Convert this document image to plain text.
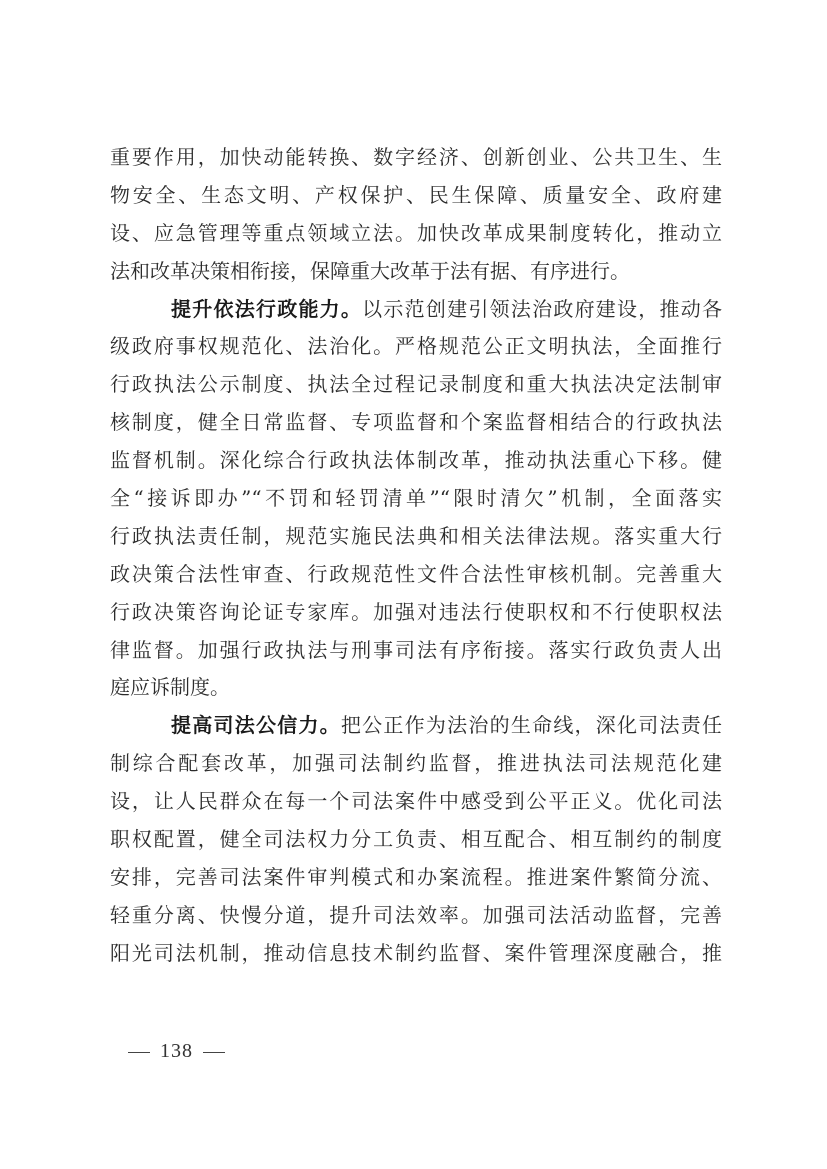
重要作用，加快动能转换、数字经济、创新创业、公共卫生、生
物安全、生态文明、产权保护、民生保障、质量安全、政府建
设、应急管理等重点领域立法。加快改革成果制度转化，推动立
法和改革决策相衔接，保障重大改革于法有据、有序进行。
提升依法行政能力。以示范创建引领法治政府建设，推动各
级政府事权规范化、法治化。严格规范公正文明执法，全面推行
行政执法公示制度、执法全过程记录制度和重大执法决定法制审
核制度，健全日常监督、专项监督和个案监督相结合的行政执法
监督机制。深化综合行政执法体制改革，推动执法重心下移。健
全“接诉即办”“不罚和轻罚清单”“限时清欠”机制，全面落实
行政执法责任制，规范实施民法典和相关法律法规。落实重大行
政决策合法性审查、行政规范性文件合法性审核机制。完善重大
行政决策咨询论证专家库。加强对违法行使职权和不行使职权法
律监督。加强行政执法与刑事司法有序衔接。落实行政负责人出
庭应诉制度。
提高司法公信力。把公正作为法治的生命线，深化司法责任
制综合配套改革，加强司法制约监督，推进执法司法规范化建
设，让人民群众在每一个司法案件中感受到公平正义。优化司法
职权配置，健全司法权力分工负责、相互配合、相互制约的制度
安排，完善司法案件审判模式和办案流程。推进案件繁简分流、
轻重分离、快慢分道，提升司法效率。加强司法活动监督，完善
阳光司法机制，推动信息技术制约监督、案件管理深度融合，推
138
